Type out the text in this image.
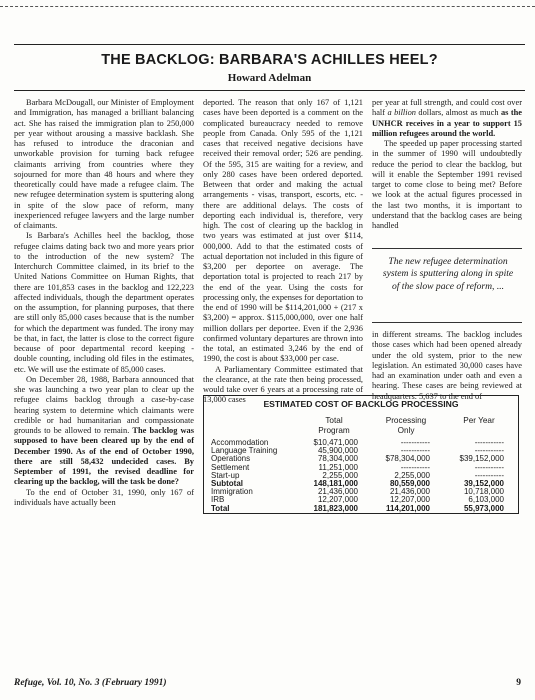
THE BACKLOG: BARBARA'S ACHILLES HEEL?
Howard Adelman

Barbara McDougall, our Minister of Employment and Immigration, has managed a brilliant balancing act. She has raised the immigration plan to 250,000 per year without arousing a massive backlash. She has refused to introduce the draconian and unworkable provision for turning back refugee claimants arriving from countries where they sojourned for more than 48 hours and where they theoretically could have made a refugee claim. The new refugee determination system is sputtering along in spite of the slow pace of reform, many inexperienced refugee lawyers and the large number of claimants.

Is Barbara's Achilles heel the backlog, those refugee claims dating back two and more years prior to the introduction of the new system? The Interchurch Committee claimed, in its brief to the United Nations Committee on Human Rights, that there are 101,853 cases in the backlog and 122,223 affected individuals, though the department operates on the assumption, for planning purposes, that there are still only 85,000 cases because that is the number for which the department was funded. The irony may be that, in fact, the latter is close to the correct figure because of poor departmental record keeping - double counting, including old files in the estimates, etc. We will use the estimate of 85,000 cases.

On December 28, 1988, Barbara announced that she was launching a two year plan to clear up the refugee claims backlog through a case-by-case hearing system to determine which claimants were credible or had humanitarian and compassionate grounds to be allowed to remain. The backlog was supposed to have been cleared up by the end of December 1990. As of the end of October 1990, there are still 58,432 undecided cases. By September of 1991, the revised deadline for clearing up the backlog, will the task be done?

To the end of October 31, 1990, only 167 of individuals have actually been

deported. The reason that only 167 of 1,121 cases have been deported is a comment on the complicated bureaucracy needed to remove people from Canada. Only 595 of the 1,121 cases that received negative decisions have received their removal order; 526 are pending. Of the 595, 315 are waiting for a review, and only 280 cases have been ordered deported. Between that order and making the actual arrangements - visas, transport, escorts, etc. - there are additional delays. The costs of deporting each individual is, therefore, very high. The cost of clearing up the backlog in two years was estimated at just over $114, 000,000. Add to that the estimated costs of actual deportation not included in this figure of $3,200 per deportee on average. The deportation total is projected to reach 217 by the end of the year. Using the costs for processing only, the expenses for deportation to the end of 1990 will be $114,201,000 + (217 x $3,200) = approx. $115,000,000, over one half million dollars per deportee. Even if the 2,936 confirmed voluntary departures are thrown into the total, an estimated 3,246 by the end of 1990, the cost is about $33,000 per case.

A Parliamentary Committee estimated that the clearance, at the rate then being processed, would take over 6 years at a processing rate of 13,000 cases

per year at full strength, and could cost over half a billion dollars, almost as much as the UNHCR receives in a year to support 15 million refugees around the world.

The speeded up paper processing started in the summer of 1990 will undoubtedly reduce the period to clear the backlog, but will it enable the September 1991 revised target to come close to being met? Before we look at the actual figures processed in the last two months, it is important to understand that the backlog cases are being handled

The new refugee determination system is sputtering along in spite of the slow pace of reform, ...

in different streams. The backlog includes those cases which had been opened already under the old system, prior to the new legislation. An estimated 30,000 cases have had an examination under oath and even a hearing. These cases are being reviewed at headquarters. 5,637 to the end of

ESTIMATED COST OF BACKLOG PROCESSING
Total Program
Processing Only
Per Year
Accommodation	$10,471,000	-----------	-----------
Language Training	45,900,000	-----------	-----------
Operations	78,304,000	$78,304,000	$39,152,000
Settlement	11,251,000	-----------	-----------
Start-up	2,255,000	2,255,000	-----------
Subtotal	148,181,000	80,559,000	39,152,000
Immigration	21,436,000	21,436,000	10,718,000
IRB	12,207,000	12,207,000	6,103,000
Total	181,823,000	114,201,000	55,973,000
Refuge, Vol. 10, No. 3 (February 1991)	9
